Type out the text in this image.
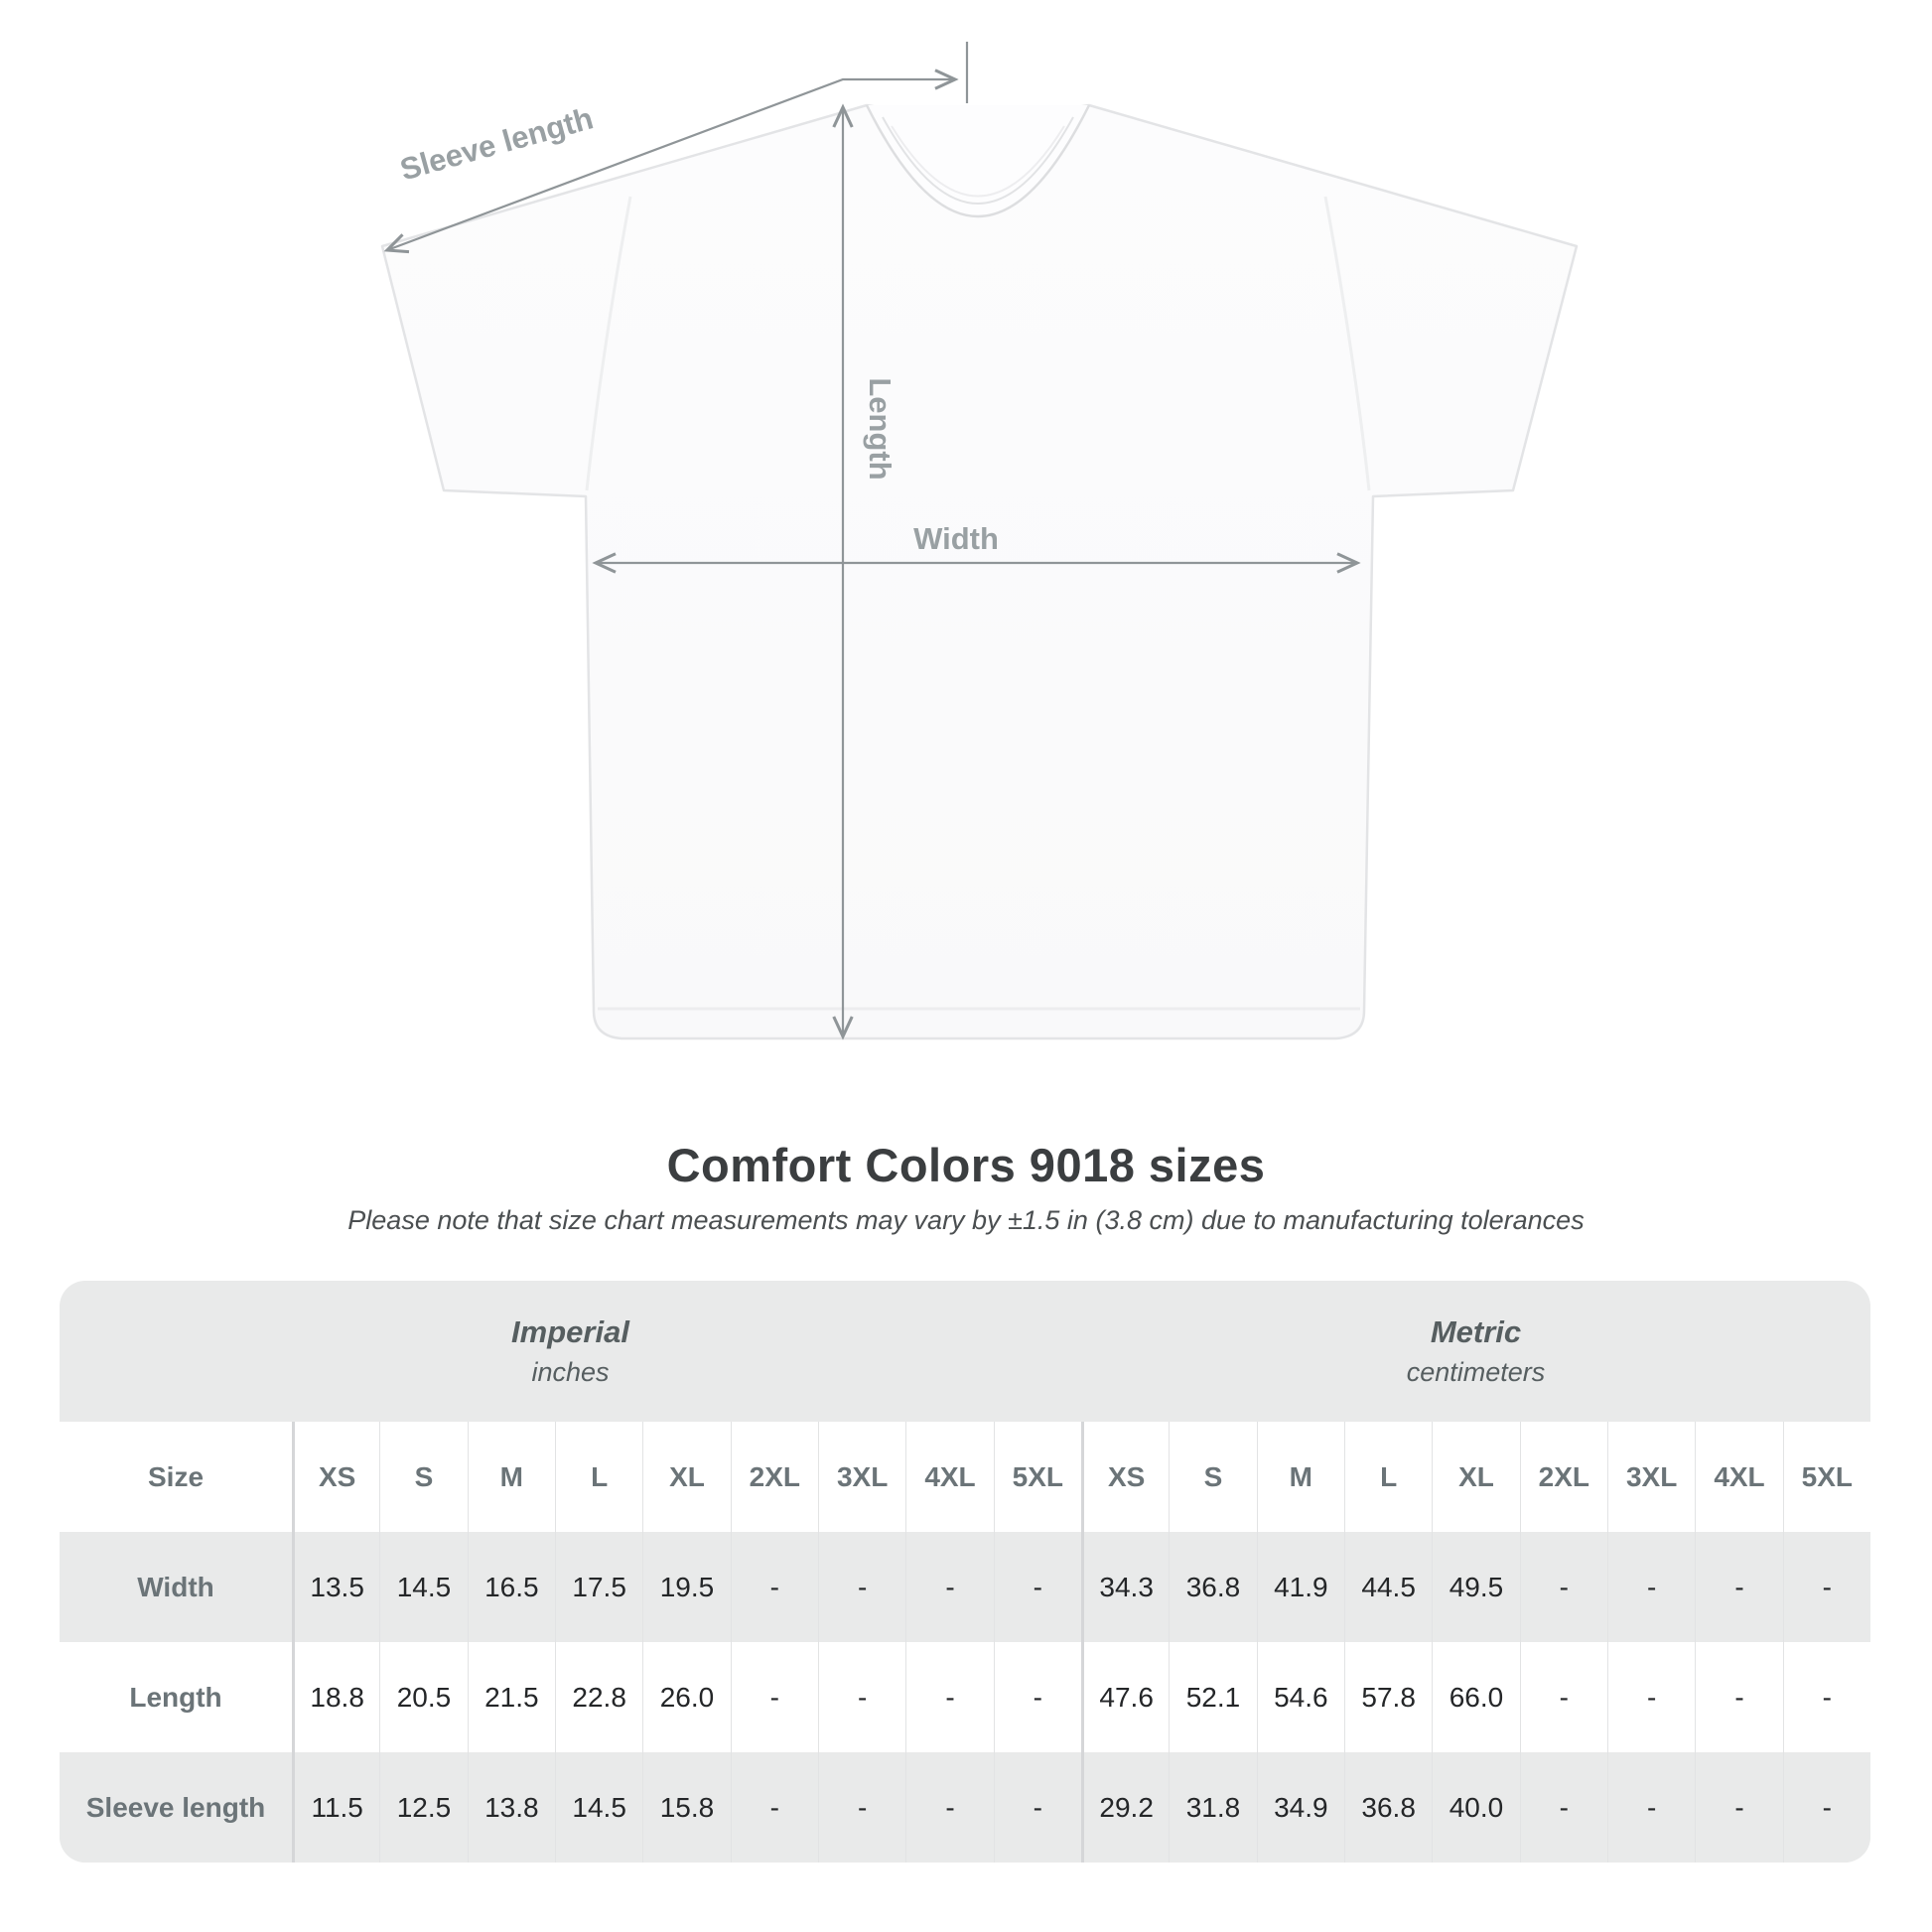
Sleeve length
Length
Width
Comfort Colors 9018 sizes
Please note that size chart measurements may vary by ±1.5 in (3.8 cm) due to manufacturing tolerances
Imperial
inches
Metric
centimeters
Size	XS	S	M	L	XL	2XL	3XL	4XL	5XL	XS	S	M	L	XL	2XL	3XL	4XL	5XL
Width	13.5	14.5	16.5	17.5	19.5	-	-	-	-	34.3	36.8	41.9	44.5	49.5	-	-	-	-
Length	18.8	20.5	21.5	22.8	26.0	-	-	-	-	47.6	52.1	54.6	57.8	66.0	-	-	-	-
Sleeve length	11.5	12.5	13.8	14.5	15.8	-	-	-	-	29.2	31.8	34.9	36.8	40.0	-	-	-	-
